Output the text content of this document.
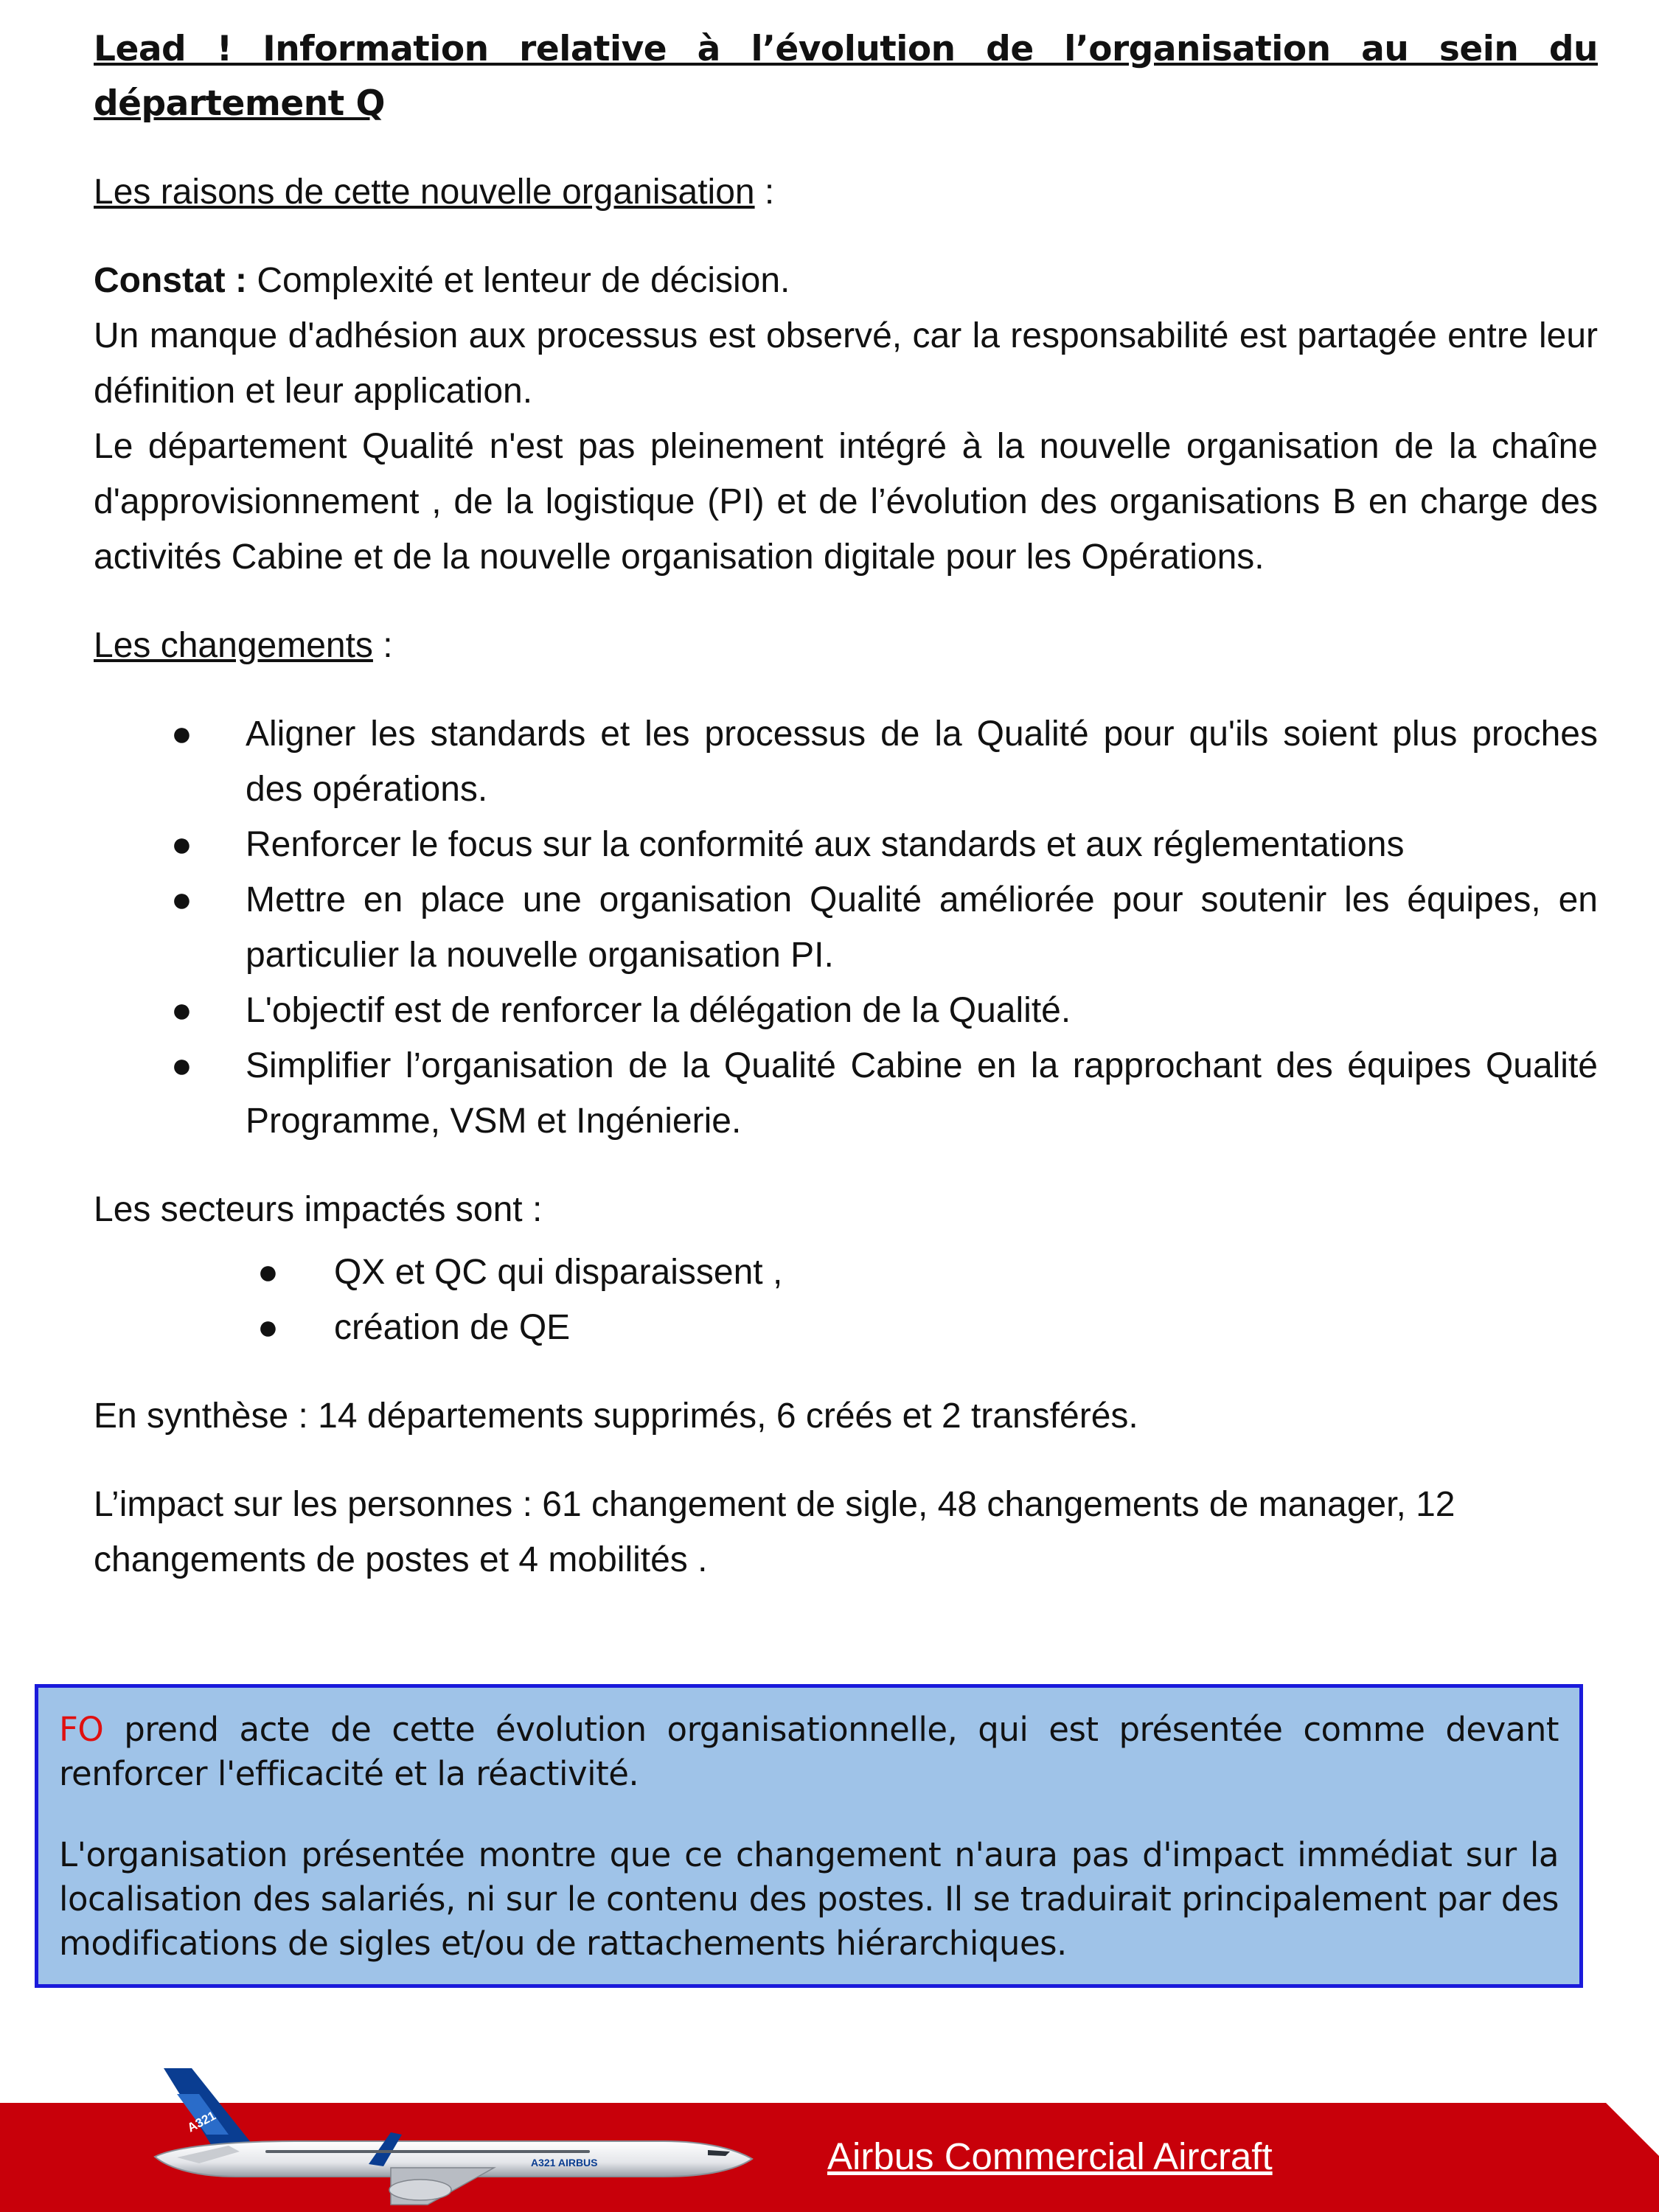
Lead ! Information relative à l’évolution de l’organisation au sein du département Q
Les raisons de cette nouvelle organisation :

Constat : Complexité et lenteur de décision.

Un manque d'adhésion aux processus est observé, car la responsabilité est partagée entre leur définition et leur application.

Le département Qualité n'est pas pleinement intégré à la nouvelle organisation de la chaîne d'approvisionnement , de la logistique (PI) et de l’évolution des organisations B en charge des activités Cabine et de la nouvelle organisation digitale pour les Opérations.

Les changements :
● Aligner les standards et les processus de la Qualité pour qu'ils soient plus proches des opérations.
● Renforcer le focus sur la conformité aux standards et aux réglementations
● Mettre en place une organisation Qualité améliorée pour soutenir les équipes, en particulier la nouvelle organisation PI.
● L'objectif est de renforcer la délégation de la Qualité.
● Simplifier l’organisation de la Qualité Cabine en la rapprochant des équipes Qualité Programme, VSM et Ingénierie.

Les secteurs impactés sont :

● QX et QC qui disparaissent ,
● création de QE

En synthèse : 14 départements supprimés, 6 créés et 2 transférés.

L’impact sur les personnes : 61 changement de sigle, 48 changements de manager, 12 changements de postes et 4 mobilités .

FO prend acte de cette évolution organisationnelle, qui est présentée comme devant renforcer l'efficacité et la réactivité.

L'organisation présentée montre que ce changement n'aura pas d'impact immédiat sur la localisation des salariés, ni sur le contenu des postes. Il se traduirait principalement par des modifications de sigles et/ou de rattachements hiérarchiques.

A321
A321 AIRBUS	Airbus Commercial Aircraft
